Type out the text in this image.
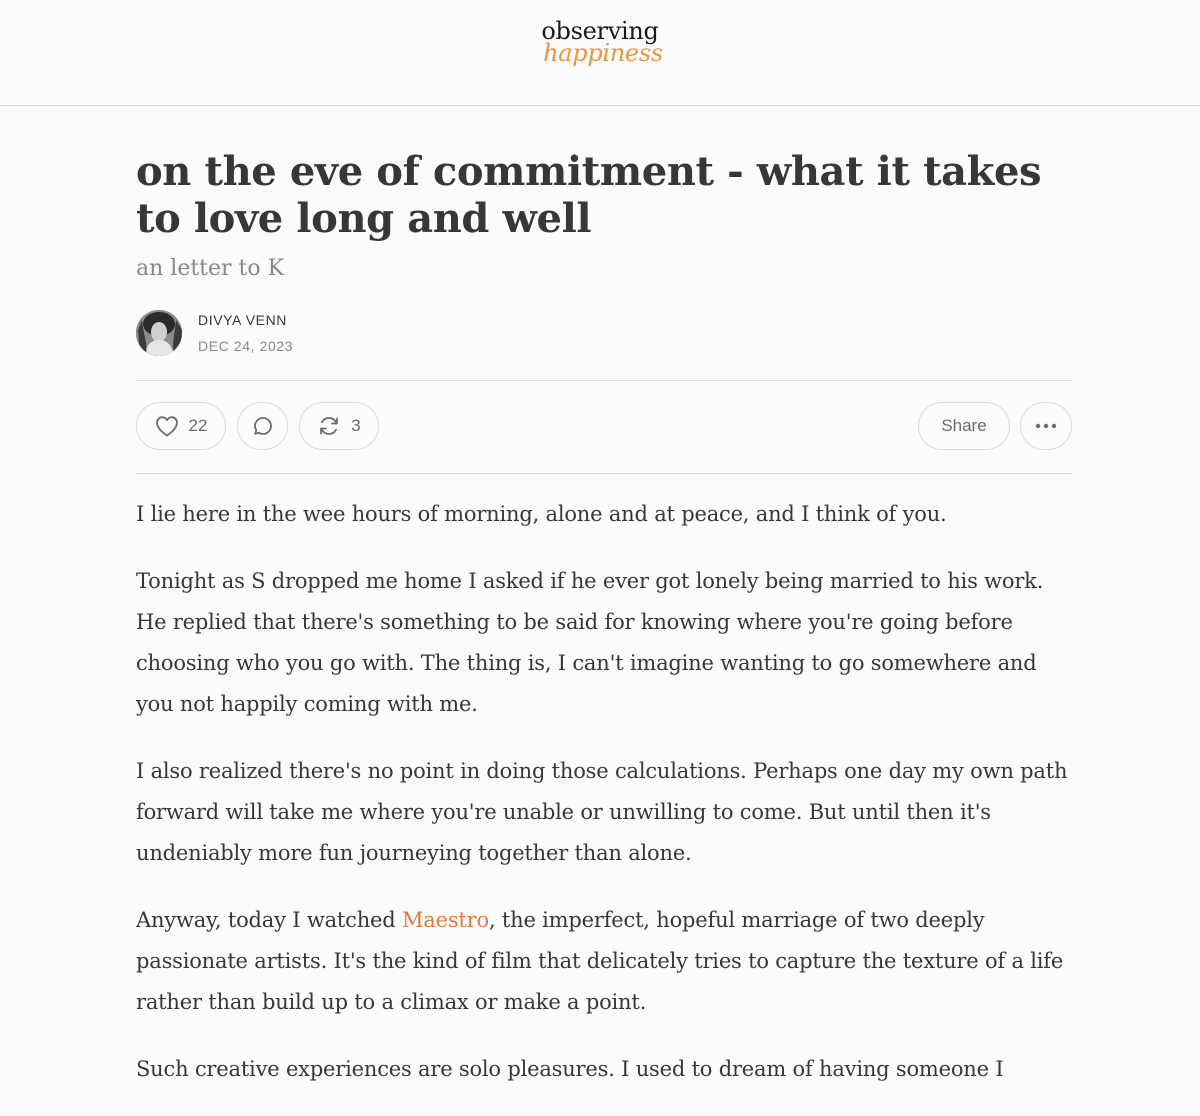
observing
happiness
on the eve of commitment - what it takes to love long and well
an letter to K
DIVYA VENN
DEC 24, 2023
22	3	Share

I lie here in the wee hours of morning, alone and at peace, and I think of you.

Tonight as S dropped me home I asked if he ever got lonely being married to his work. He replied that there's something to be said for knowing where you're going before choosing who you go with. The thing is, I can't imagine wanting to go somewhere and you not happily coming with me.

I also realized there's no point in doing those calculations. Perhaps one day my own path forward will take me where you're unable or unwilling to come. But until then it's undeniably more fun journeying together than alone.

Anyway, today I watched Maestro, the imperfect, hopeful marriage of two deeply passionate artists. It's the kind of film that delicately tries to capture the texture of a life rather than build up to a climax or make a point.

Such creative experiences are solo pleasures. I used to dream of having someone I
